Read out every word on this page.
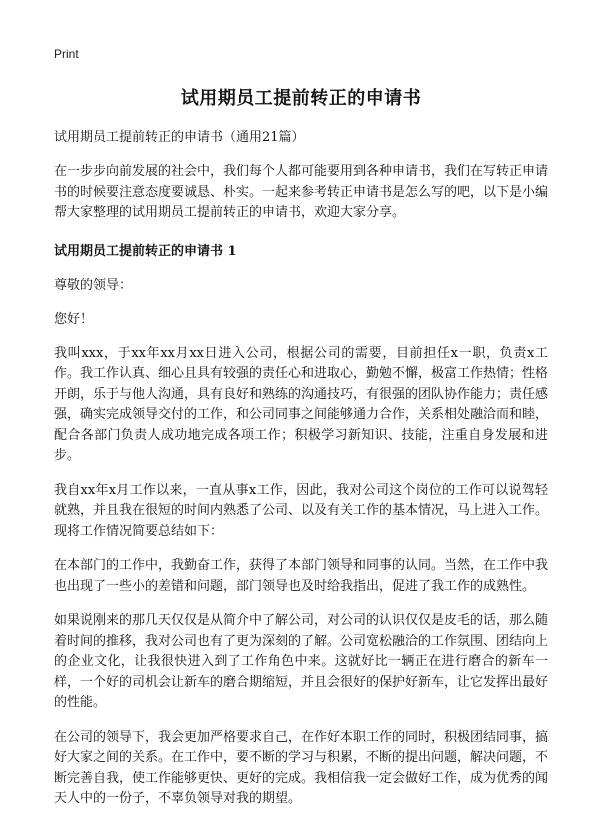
Print
试用期员工提前转正的申请书

试用期员工提前转正的申请书（通用21篇）

在一步步向前发展的社会中，我们每个人都可能要用到各种申请书，我们在写转正申请书的时候要注意态度要诚恳、朴实。一起来参考转正申请书是怎么写的吧，以下是小编帮大家整理的试用期员工提前转正的申请书，欢迎大家分享。

试用期员工提前转正的申请书 1

尊敬的领导：

您好！

我叫xxx，于xx年xx月xx日进入公司，根据公司的需要，目前担任x一职，负责x工作。我工作认真、细心且具有较强的责任心和进取心，勤勉不懈，极富工作热情；性格开朗，乐于与他人沟通，具有良好和熟练的沟通技巧，有很强的团队协作能力；责任感强，确实完成领导交付的工作，和公司同事之间能够通力合作，关系相处融洽而和睦，配合各部门负责人成功地完成各项工作；积极学习新知识、技能，注重自身发展和进步。

我自xx年x月工作以来，一直从事x工作，因此，我对公司这个岗位的工作可以说驾轻就熟，并且我在很短的时间内熟悉了公司、以及有关工作的基本情况，马上进入工作。现将工作情况简要总结如下：

在本部门的工作中，我勤奋工作，获得了本部门领导和同事的认同。当然，在工作中我也出现了一些小的差错和问题，部门领导也及时给我指出，促进了我工作的成熟性。

如果说刚来的那几天仅仅是从简介中了解公司，对公司的认识仅仅是皮毛的话，那么随着时间的推移，我对公司也有了更为深刻的了解。公司宽松融洽的工作氛围、团结向上的企业文化，让我很快进入到了工作角色中来。这就好比一辆正在进行磨合的新车一样，一个好的司机会让新车的磨合期缩短，并且会很好的保护好新车，让它发挥出最好的性能。

在公司的领导下，我会更加严格要求自己，在作好本职工作的同时，积极团结同事，搞好大家之间的关系。在工作中，要不断的学习与积累，不断的提出问题，解决问题，不断完善自我，使工作能够更快、更好的完成。我相信我一定会做好工作，成为优秀的闻天人中的一份子，不辜负领导对我的期望。
